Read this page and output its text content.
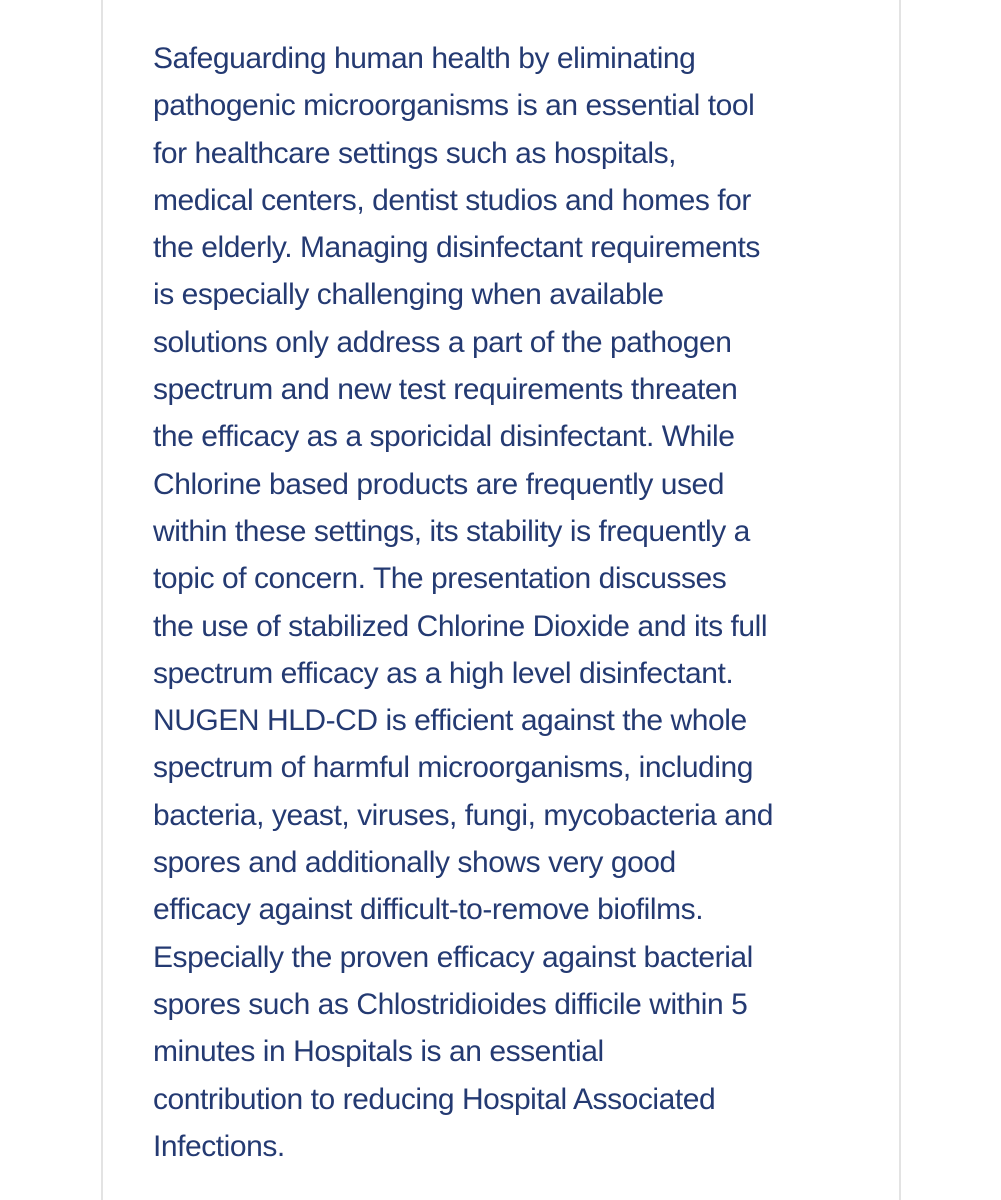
Safeguarding human health by eliminating
pathogenic microorganisms is an essential tool
for healthcare settings such as hospitals,
medical centers, dentist studios and homes for
the elderly. Managing disinfectant requirements
is especially challenging when available
solutions only address a part of the pathogen
spectrum and new test requirements threaten
the efficacy as a sporicidal disinfectant. While
Chlorine based products are frequently used
within these settings, its stability is frequently a
topic of concern. The presentation discusses
the use of stabilized Chlorine Dioxide and its full
spectrum efficacy as a high level disinfectant.
NUGEN HLD-CD is efficient against the whole
spectrum of harmful microorganisms, including
bacteria, yeast, viruses, fungi, mycobacteria and
spores and additionally shows very good
efficacy against difficult-to-remove biofilms.
Especially the proven efficacy against bacterial
spores such as Chlostridioides difficile within 5
minutes in Hospitals is an essential
contribution to reducing Hospital Associated
Infections.
